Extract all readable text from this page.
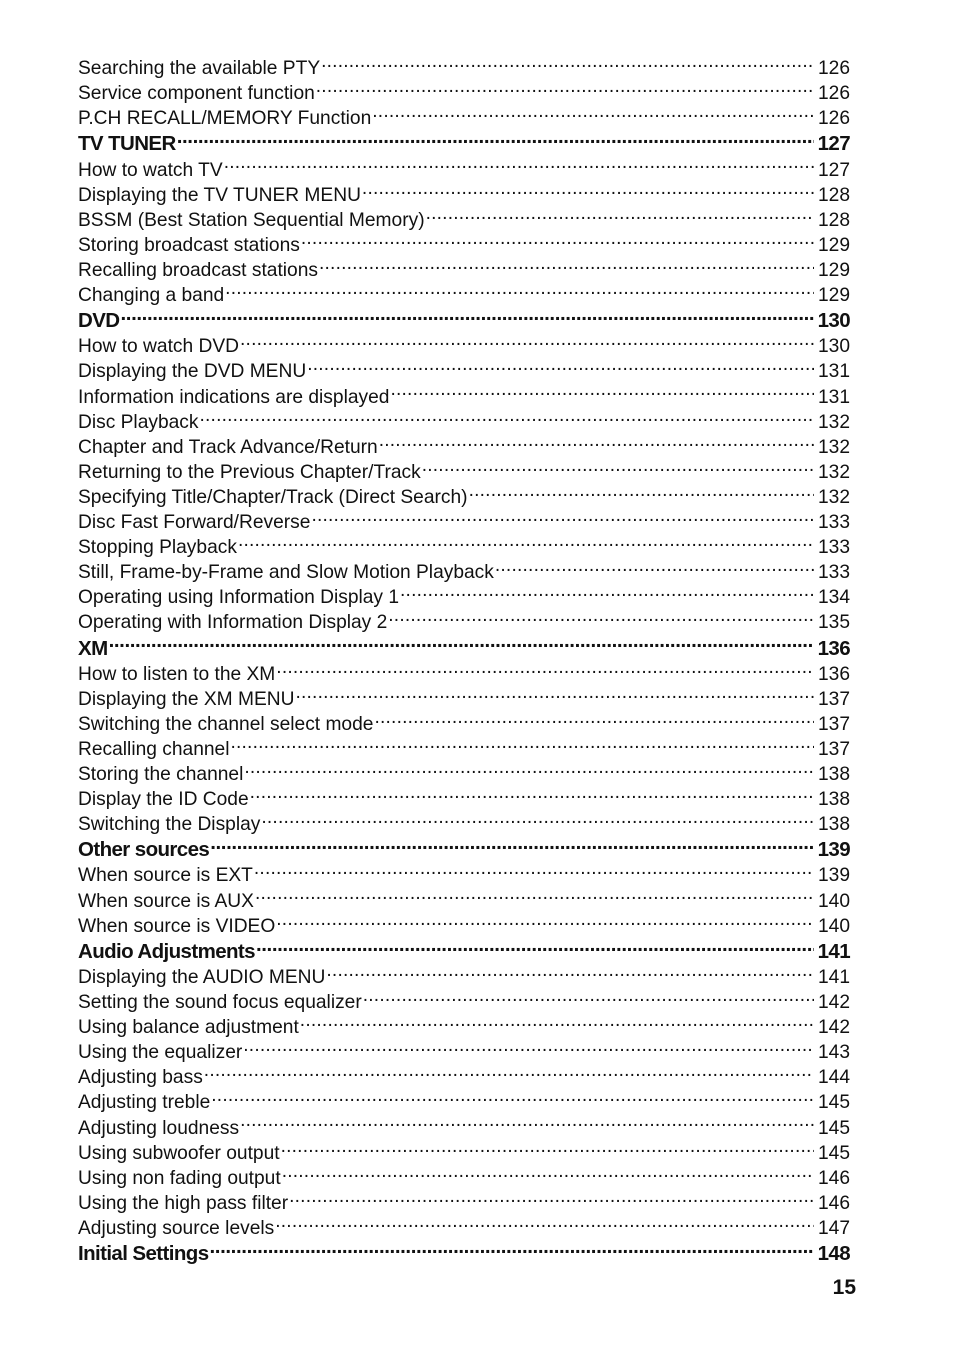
Searching the available PTY .....	126
Service component function .....	126
P.CH RECALL/MEMORY Function .....	126
TV TUNER .....	127
How to watch TV .....	127
Displaying the TV TUNER MENU .....	128
BSSM (Best Station Sequential Memory) .....	128
Storing broadcast stations .....	129
Recalling broadcast stations .....	129
Changing a band .....	129
DVD .....	130
How to watch DVD .....	130
Displaying the DVD MENU .....	131
Information indications are displayed .....	131
Disc Playback .....	132
Chapter and Track Advance/Return .....	132
Returning to the Previous Chapter/Track .....	132
Specifying Title/Chapter/Track (Direct Search) .....	132
Disc Fast Forward/Reverse .....	133
Stopping Playback .....	133
Still, Frame-by-Frame and Slow Motion Playback .....	133
Operating using Information Display 1 .....	134
Operating with Information Display 2 .....	135
XM .....	136
How to listen to the XM .....	136
Displaying the XM MENU .....	137
Switching the channel select mode .....	137
Recalling channel .....	137
Storing the channel .....	138
Display the ID Code .....	138
Switching the Display .....	138
Other sources .....	139
When source is EXT .....	139
When source is AUX .....	140
When source is VIDEO .....	140
Audio Adjustments .....	141
Displaying the AUDIO MENU .....	141
Setting the sound focus equalizer .....	142
Using balance adjustment .....	142
Using the equalizer .....	143
Adjusting bass .....	144
Adjusting treble .....	145
Adjusting loudness .....	145
Using subwoofer output .....	145
Using non fading output .....	146
Using the high pass filter .....	146
Adjusting source levels .....	147
Initial Settings .....	148
15
